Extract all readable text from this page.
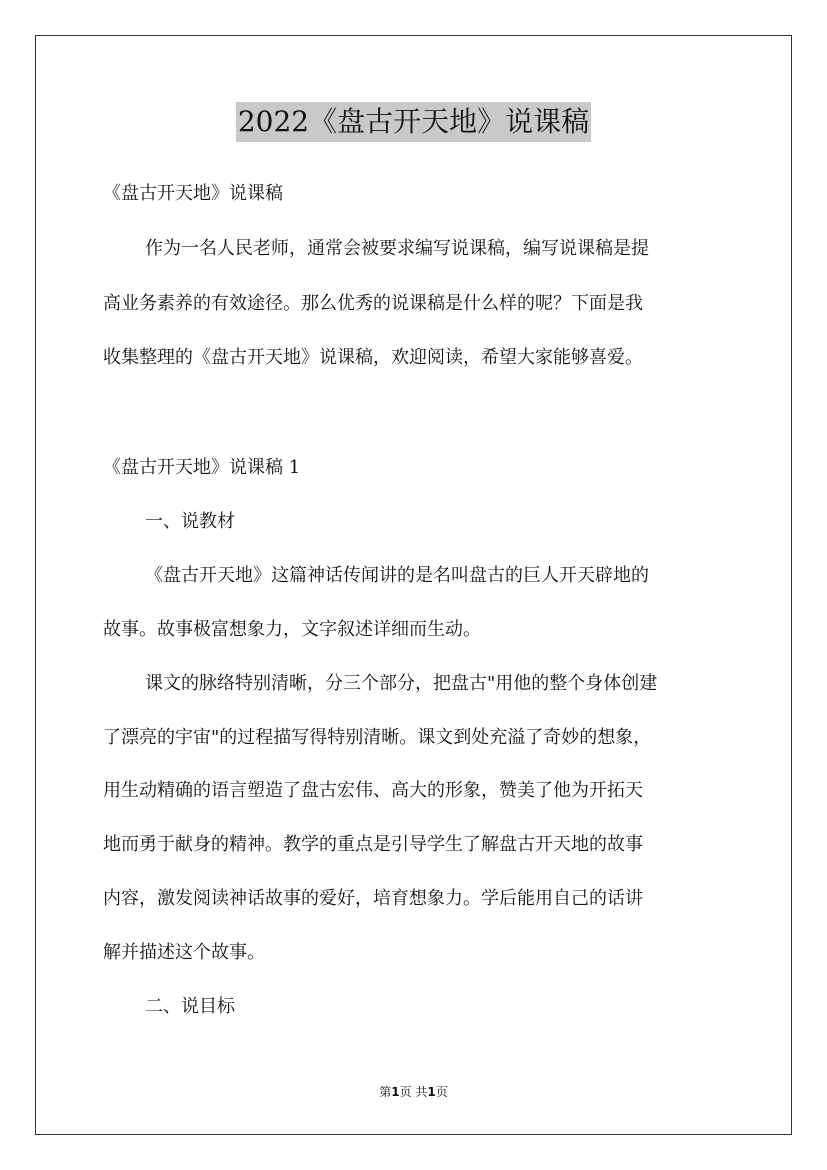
2022《盘古开天地》说课稿
《盘古开天地》说课稿
作为一名人民老师，通常会被要求编写说课稿，编写说课稿是提
高业务素养的有效途径。那么优秀的说课稿是什么样的呢？下面是我
收集整理的《盘古开天地》说课稿，欢迎阅读，希望大家能够喜爱。
《盘古开天地》说课稿 1
一、说教材
《盘古开天地》这篇神话传闻讲的是名叫盘古的巨人开天辟地的
故事。故事极富想象力，文字叙述详细而生动。
课文的脉络特别清晰，分三个部分，把盘古"用他的整个身体创建
了漂亮的宇宙"的过程描写得特别清晰。课文到处充溢了奇妙的想象，
用生动精确的语言塑造了盘古宏伟、高大的形象，赞美了他为开拓天
地而勇于献身的精神。教学的重点是引导学生了解盘古开天地的故事
内容，激发阅读神话故事的爱好，培育想象力。学后能用自己的话讲
解并描述这个故事。
二、说目标
第1页 共1页
